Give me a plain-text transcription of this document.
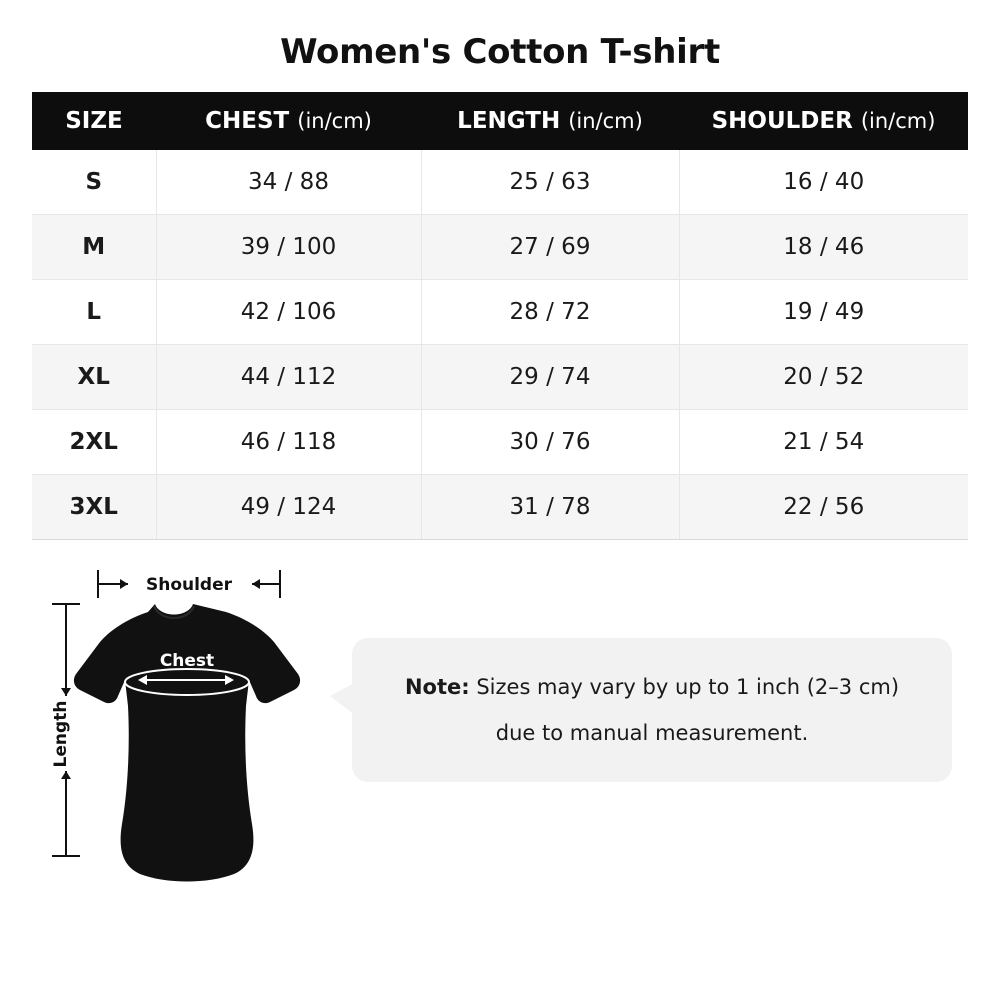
Women's Cotton T-shirt
SIZE	CHEST (in/cm)	LENGTH (in/cm)	SHOULDER (in/cm)
S	34 / 88	25 / 63	16 / 40
M	39 / 100	27 / 69	18 / 46
L	42 / 106	28 / 72	19 / 49
XL	44 / 112	29 / 74	20 / 52
2XL	46 / 118	30 / 76	21 / 54
3XL	49 / 124	31 / 78	22 / 56
Shoulder
Length
Chest
Note: Sizes may vary by up to 1 inch (2–3 cm)
due to manual measurement.
